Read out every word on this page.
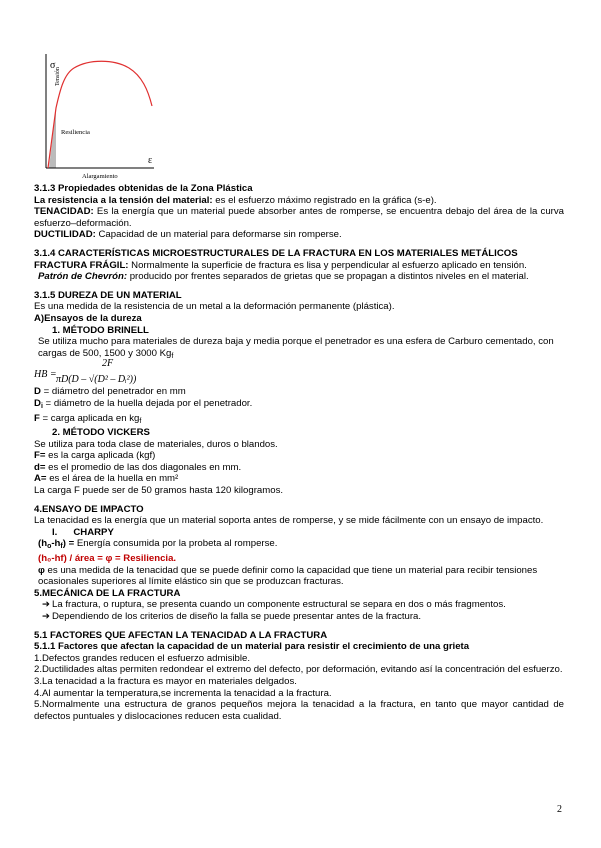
Tensión
σ
Resiliencia
ε
Alargamiento

3.1.3 Propiedades obtenidas de la Zona Plástica

La resistencia a la tensión del material: es el esfuerzo máximo registrado en la gráfica (s-e).

TENACIDAD: Es la energía que un material puede absorber antes de romperse, se encuentra debajo del área de la curva esfuerzo–deformación.

DUCTILIDAD: Capacidad de un material para deformarse sin romperse.

3.1.4 CARACTERÍSTICAS MICROESTRUCTURALES DE LA FRACTURA EN LOS MATERIALES METÁLICOS

FRACTURA FRÁGIL: Normalmente la superficie de fractura es lisa y perpendicular al esfuerzo aplicado en tensión.

Patrón de Chevrón: producido por frentes separados de grietas que se propagan a distintos niveles en el material.

3.1.5 DUREZA DE UN MATERIAL

Es una medida de la resistencia de un metal a la deformación permanente (plástica).

A)Ensayos de la dureza

1. MÉTODO BRINELL

Se utiliza mucho para materiales de dureza baja y media porque el penetrador es una esfera de Carburo cementado, con cargas de 500, 1500 y 3000 $Kg_f$

2F
HB = πD(D – √(D² – Dᵢ²))

D = diámetro del penetrador en mm

$D_i$ = diámetro de la huella dejada por el penetrador.

F = carga aplicada en $kg_f$

2. MÉTODO VICKERS

Se utiliza para toda clase de materiales, duros o blandos.

F= es la carga aplicada (kgf)

d= es el promedio de las dos diagonales en mm.

A= es el área de la huella en mm²

La carga F puede ser de 50 gramos hasta 120 kilogramos.

4.ENSAYO DE IMPACTO

La tenacidad es la energía que un material soporta antes de romperse, y se mide fácilmente con un ensayo de impacto.

I. CHARPY

$(h_o-h_f)$ = Energía consumida por la probeta al romperse.

(h₀-hf) / área = φ = Resiliencia.

φ es una medida de la tenacidad que se puede definir como la capacidad que tiene un material para recibir tensiones ocasionales superiores al límite elástico sin que se produzcan fracturas.

5.MECÁNICA DE LA FRACTURA

➔ La fractura, o ruptura, se presenta cuando un componente estructural se separa en dos o más fragmentos.

➔ Dependiendo de los criterios de diseño la falla se puede presentar antes de la fractura.

5.1 FACTORES QUE AFECTAN LA TENACIDAD A LA FRACTURA

5.1.1 Factores que afectan la capacidad de un material para resistir el crecimiento de una grieta

1.Defectos grandes reducen el esfuerzo admisible.

2.Ductilidades altas permiten redondear el extremo del defecto, por deformación, evitando así la concentración del esfuerzo.

3.La tenacidad a la fractura es mayor en materiales delgados.

4.Al aumentar la temperatura,se incrementa la tenacidad a la fractura.

5.Normalmente una estructura de granos pequeños mejora la tenacidad a la fractura, en tanto que mayor cantidad de defectos puntuales y dislocaciones reducen esta cualidad.

2
